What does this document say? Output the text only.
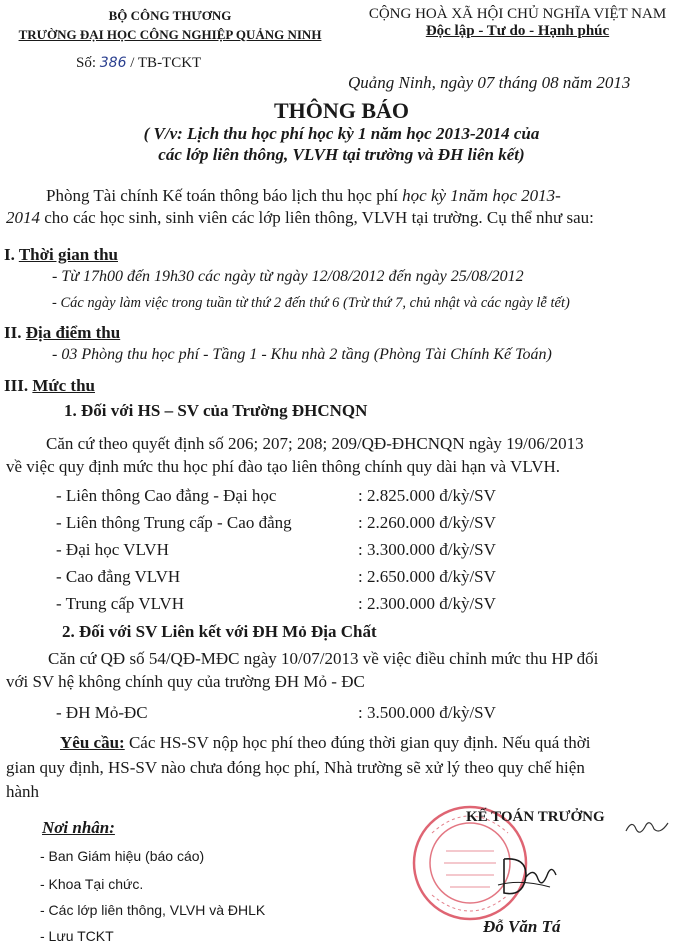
BỘ CÔNG THƯƠNG
TRƯỜNG ĐẠI HỌC CÔNG NGHIỆP QUẢNG NINH
Số: 386 / TB-TCKT
CỘNG HOÀ XÃ HỘI CHỦ NGHĨA VIỆT NAM
Độc lập - Tư do - Hạnh phúc
Quảng Ninh, ngày 07 tháng 08 năm 2013
THÔNG BÁO
( V/v: Lịch thu học phí học kỳ 1 năm học 2013-2014 của
các lớp liên thông, VLVH tại trường và ĐH liên kết)
Phòng Tài chính Kế toán thông báo lịch thu học phí học kỳ 1năm học 2013-
2014 cho các học sinh, sinh viên các lớp liên thông, VLVH tại trường. Cụ thể như sau:
I. Thời gian thu
- Từ 17h00 đến 19h30 các ngày từ ngày 12/08/2012 đến ngày 25/08/2012
- Các ngày làm việc trong tuần từ thứ 2 đến thứ 6 (Trừ thứ 7, chủ nhật và các ngày lễ tết)
II. Địa điểm thu
- 03 Phòng thu học phí - Tầng 1 - Khu nhà 2 tầng (Phòng Tài Chính Kế Toán)
III. Mức thu
1. Đối với HS – SV của Trường ĐHCNQN
Căn cứ theo quyết định số 206; 207; 208; 209/QĐ-ĐHCNQN ngày 19/06/2013
về việc quy định mức thu học phí đào tạo liên thông chính quy dài hạn và VLVH.
- Liên thông Cao đẳng - Đại học	: 2.825.000 đ/kỳ/SV
- Liên thông Trung cấp - Cao đẳng	: 2.260.000 đ/kỳ/SV
- Đại học VLVH	: 3.300.000 đ/kỳ/SV
- Cao đẳng VLVH	: 2.650.000 đ/kỳ/SV
- Trung cấp VLVH	: 2.300.000 đ/kỳ/SV
2. Đối với SV Liên kết với ĐH Mỏ Địa Chất
Căn cứ QĐ số 54/QĐ-MĐC ngày 10/07/2013 về việc điều chỉnh mức thu HP đối
với SV hệ không chính quy của trường ĐH Mỏ - ĐC
- ĐH Mỏ-ĐC	: 3.500.000 đ/kỳ/SV
Yêu cầu: Các HS-SV nộp học phí theo đúng thời gian quy định. Nếu quá thời
gian quy định, HS-SV nào chưa đóng học phí, Nhà trường sẽ xử lý theo quy chế hiện
hành
Nơi nhân:
- Ban Giám hiệu (báo cáo)
- Khoa Tại chức.
- Các lớp liên thông, VLVH và ĐHLK
- Lưu TCKT
KẾ TOÁN TRƯỞNG
Đỗ Văn Tá
